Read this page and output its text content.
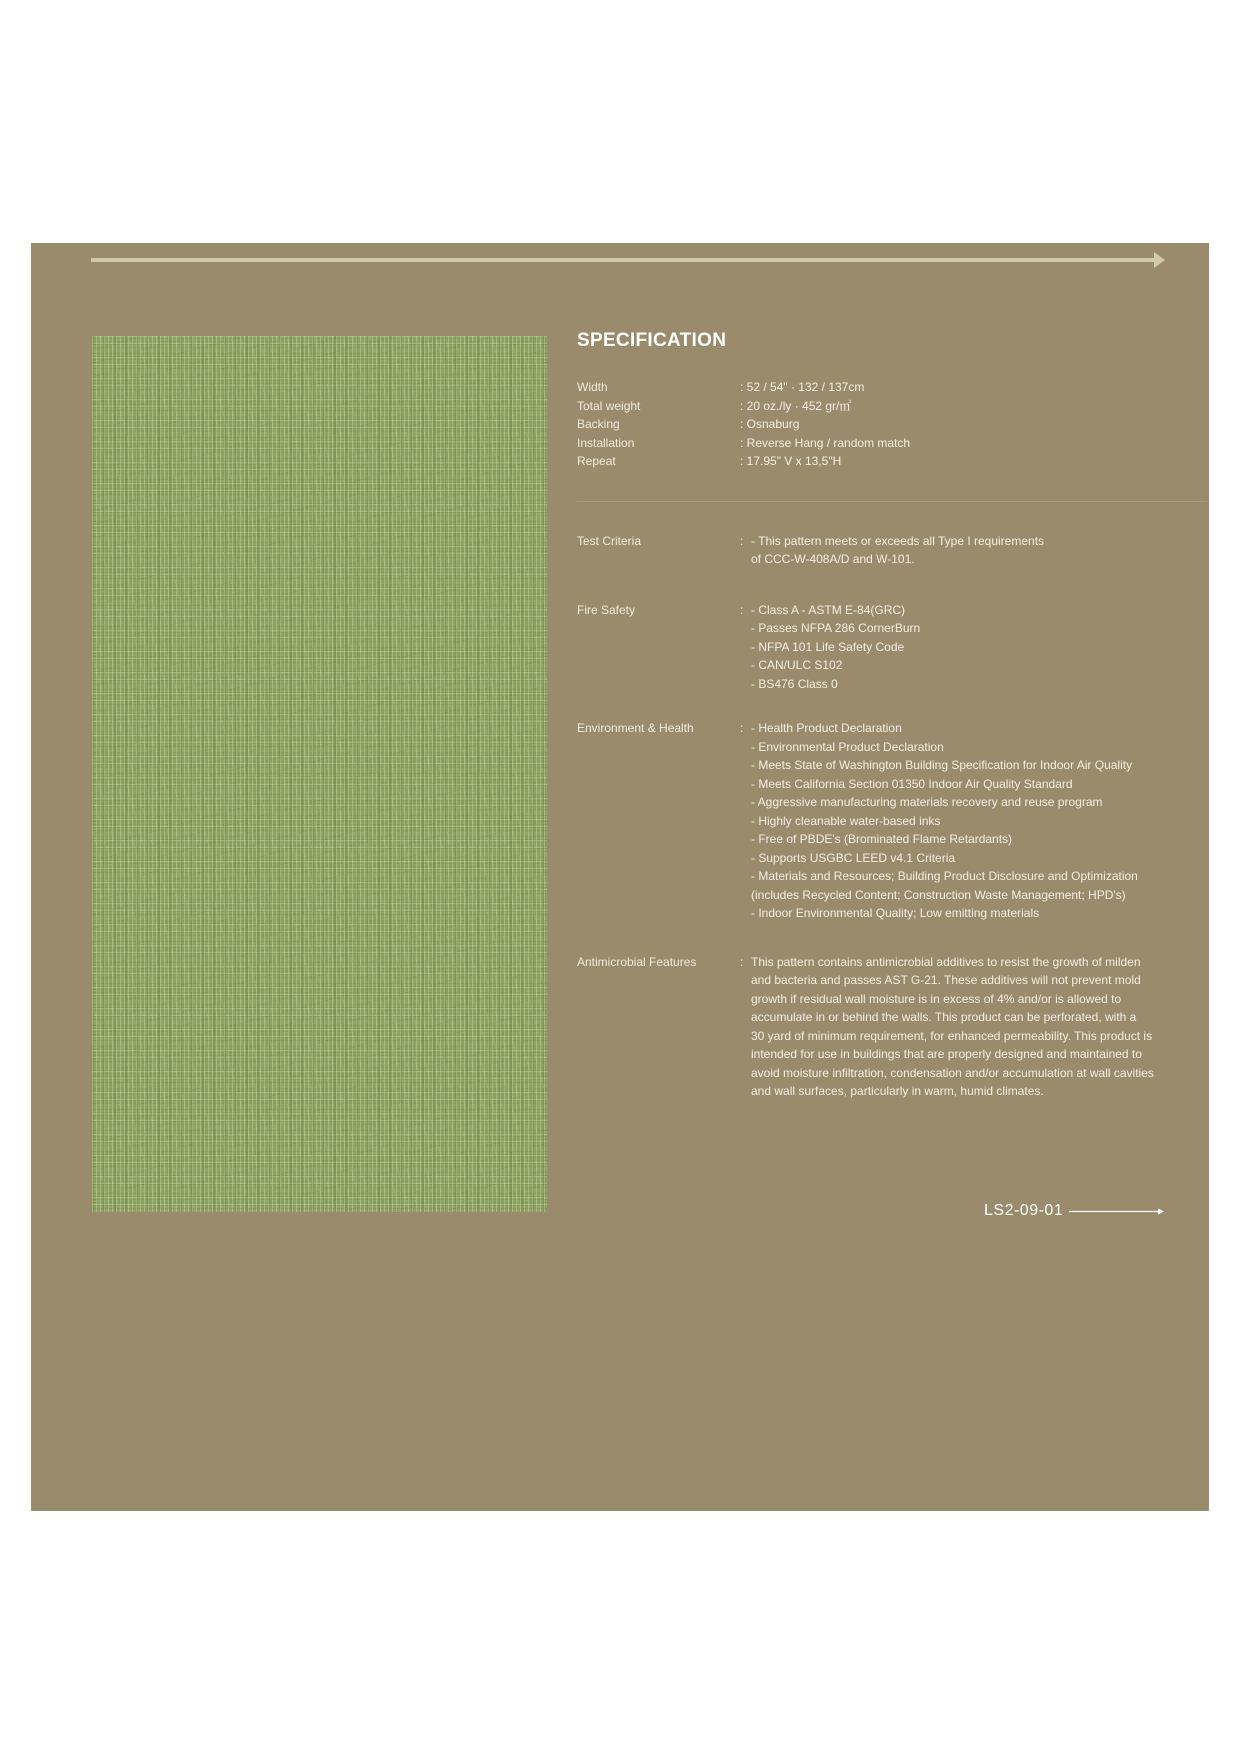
SPECIFICATION
Width	: 52 / 54" · 132 / 137cm
Total weight	: 20 oz./ly · 452 gr/㎡
Backing	: Osnaburg
Installation	: Reverse Hang / random match
Repeat	: 17.95" V x 13,5"H
Test Criteria	: - This pattern meets or exceeds all Type I requirements
of CCC-W-408A/D and W-101.
Fire Safety	: - Class A - ASTM E-84(GRC)
- Passes NFPA 286 CornerBurn
- NFPA 101 Life Safety Code
- CAN/ULC S102
- BS476 Class 0
Environment & Health	: - Health Product Declaration
- Environmental Product Declaration
- Meets State of Washington Building Specification for Indoor Air Quality
- Meets California Section 01350 Indoor Air Quality Standard
- Aggressive manufacturing materials recovery and reuse program
- Highly cleanable water-based inks
- Free of PBDE's (Brominated Flame Retardants)
- Supports USGBC LEED v4.1 Criteria
- Materials and Resources; Building Product Disclosure and Optimization
(includes Recycled Content; Construction Waste Management; HPD's)
- Indoor Environmental Quality; Low emitting materials
Antimicrobial Features	: This pattern contains antimicrobial additives to resist the growth of milden
and bacteria and passes AST G-21. These additives will not prevent mold
growth if residual wall moisture is in excess of 4% and/or is allowed to
accumulate in or behind the walls. This product can be perforated, with a
30 yard of minimum requirement, for enhanced permeability. This product is
intended for use in buildings that are properly designed and maintained to
avoid moisture infiltration, condensation and/or accumulation at wall cavities
and wall surfaces, particularly in warm, humid climates.
LS2-09-01
